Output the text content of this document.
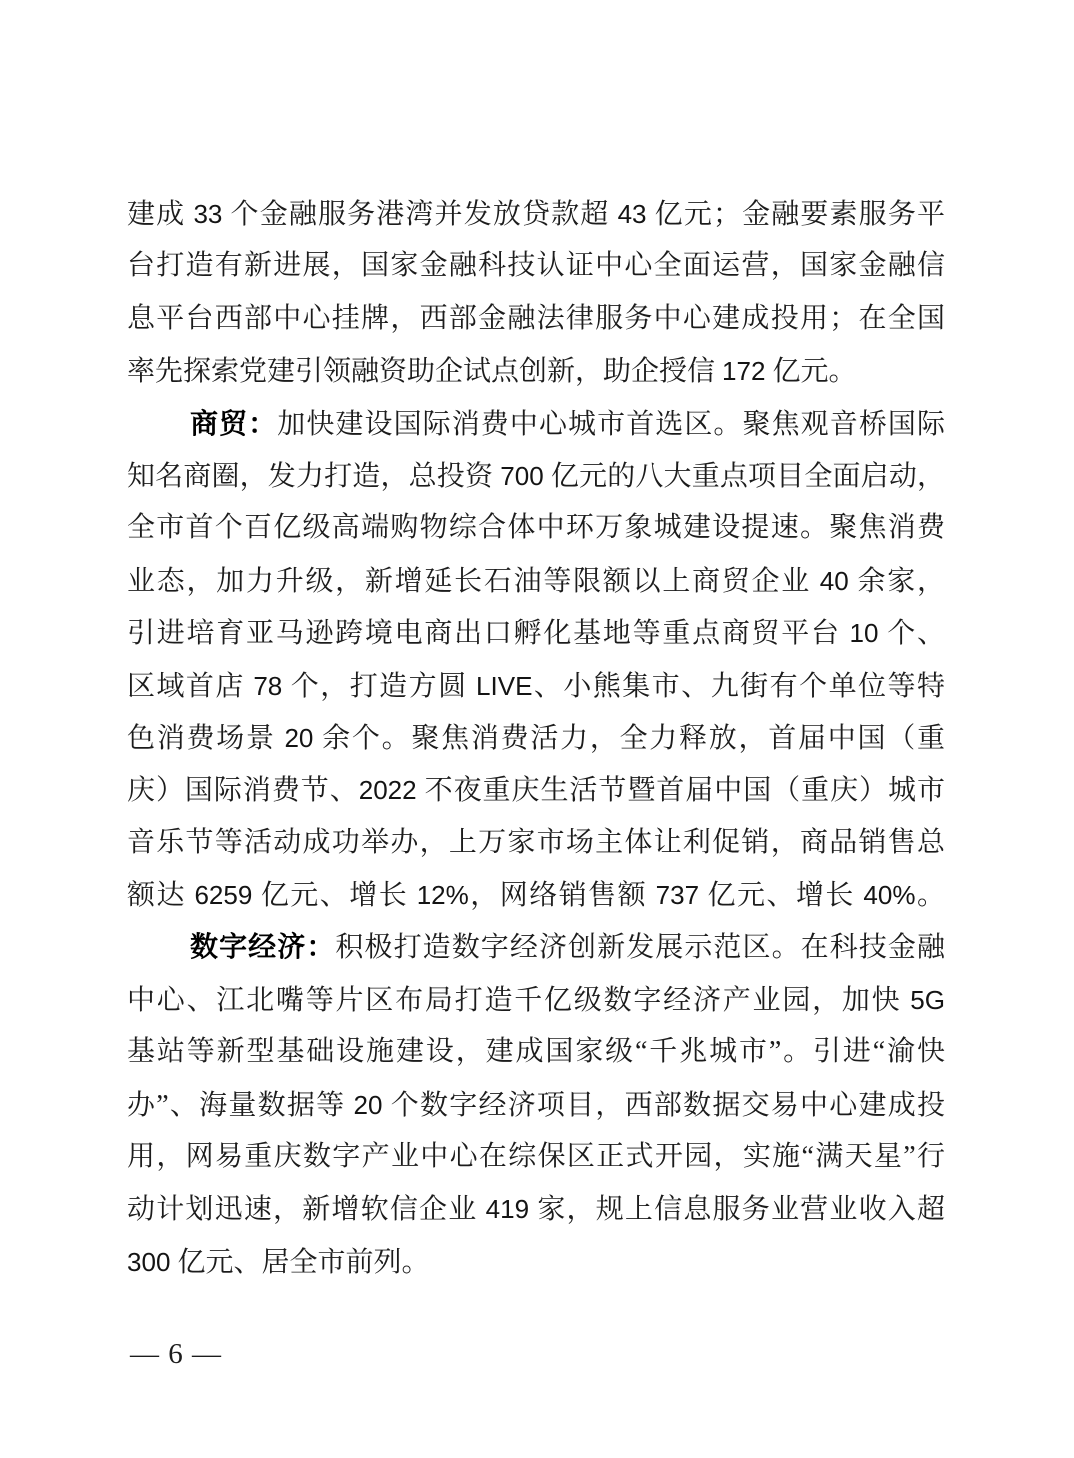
建成 33 个金融服务港湾并发放贷款超 43 亿元；金融要素服务平
台打造有新进展，国家金融科技认证中心全面运营，国家金融信
息平台西部中心挂牌，西部金融法律服务中心建成投用；在全国
率先探索党建引领融资助企试点创新，助企授信 172 亿元。
商贸：加快建设国际消费中心城市首选区。聚焦观音桥国际
知名商圈，发力打造，总投资 700 亿元的八大重点项目全面启动，
全市首个百亿级高端购物综合体中环万象城建设提速。聚焦消费
业态，加力升级，新增延长石油等限额以上商贸企业 40 余家，
引进培育亚马逊跨境电商出口孵化基地等重点商贸平台 10 个、
区域首店 78 个，打造方圆 LIVE、小熊集市、九街有个单位等特
色消费场景 20 余个。聚焦消费活力，全力释放，首届中国（重
庆）国际消费节、2022 不夜重庆生活节暨首届中国（重庆）城市
音乐节等活动成功举办，上万家市场主体让利促销，商品销售总
额达 6259 亿元、增长 12%，网络销售额 737 亿元、增长 40%。
数字经济：积极打造数字经济创新发展示范区。在科技金融
中心、江北嘴等片区布局打造千亿级数字经济产业园，加快 5G
基站等新型基础设施建设，建成国家级“千兆城市”。引进“渝快
办”、海量数据等 20 个数字经济项目，西部数据交易中心建成投
用，网易重庆数字产业中心在综保区正式开园，实施“满天星”行
动计划迅速，新增软信企业 419 家，规上信息服务业营业收入超
300 亿元、居全市前列。
— 6 —
